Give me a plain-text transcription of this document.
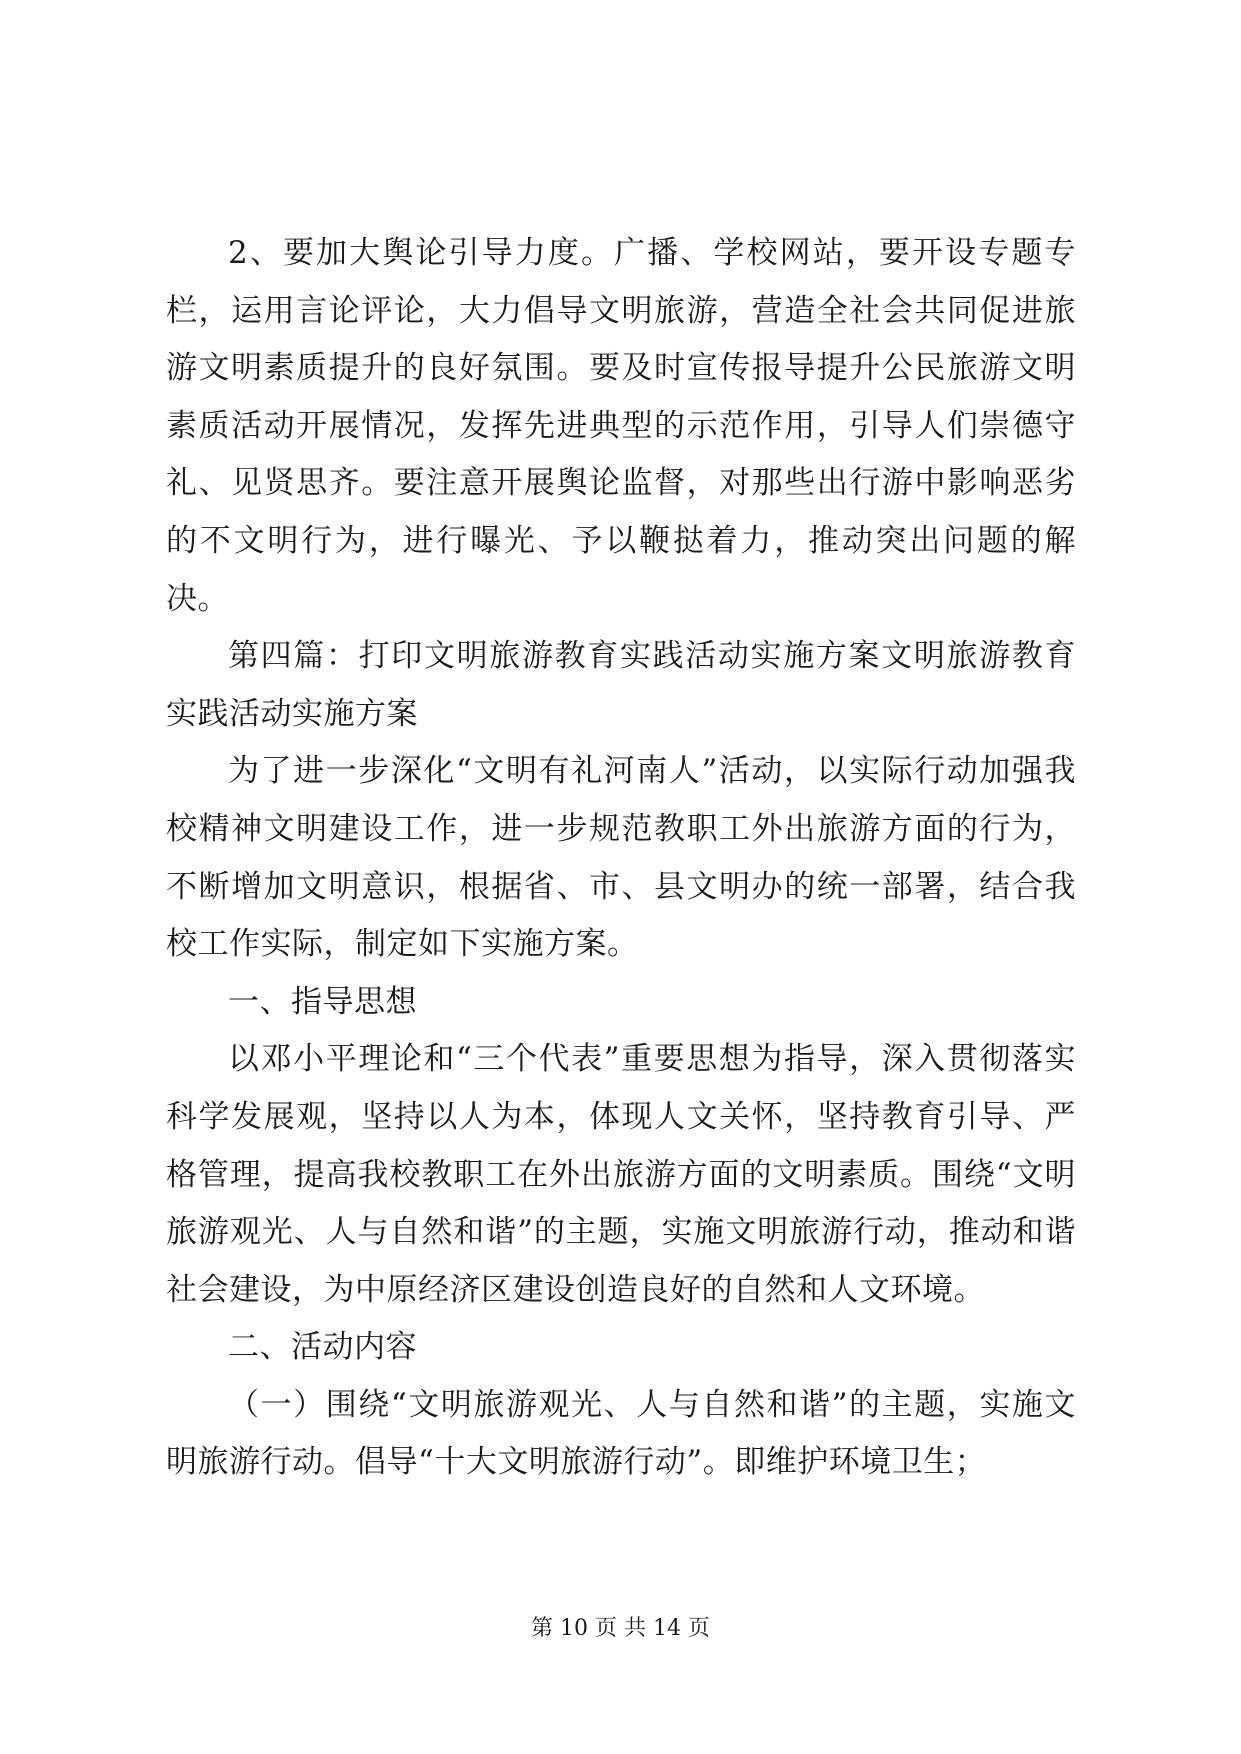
2、要加大舆论引导力度。广播、学校网站，要开设专题专栏，运用言论评论，大力倡导文明旅游，营造全社会共同促进旅游文明素质提升的良好氛围。要及时宣传报导提升公民旅游文明素质活动开展情况，发挥先进典型的示范作用，引导人们崇德守礼、见贤思齐。要注意开展舆论监督，对那些出行游中影响恶劣的不文明行为，进行曝光、予以鞭挞着力，推动突出问题的解决。

第四篇：打印文明旅游教育实践活动实施方案文明旅游教育实践活动实施方案

为了进一步深化“文明有礼河南人”活动，以实际行动加强我校精神文明建设工作，进一步规范教职工外出旅游方面的行为，不断增加文明意识，根据省、市、县文明办的统一部署，结合我校工作实际，制定如下实施方案。

一、指导思想

以邓小平理论和“三个代表”重要思想为指导，深入贯彻落实科学发展观，坚持以人为本，体现人文关怀，坚持教育引导、严格管理，提高我校教职工在外出旅游方面的文明素质。围绕“文明旅游观光、人与自然和谐”的主题，实施文明旅游行动，推动和谐社会建设，为中原经济区建设创造良好的自然和人文环境。

二、活动内容

（一）围绕“文明旅游观光、人与自然和谐”的主题，实施文明旅游行动。倡导“十大文明旅游行动”。即维护环境卫生；

第 10 页 共 14 页
